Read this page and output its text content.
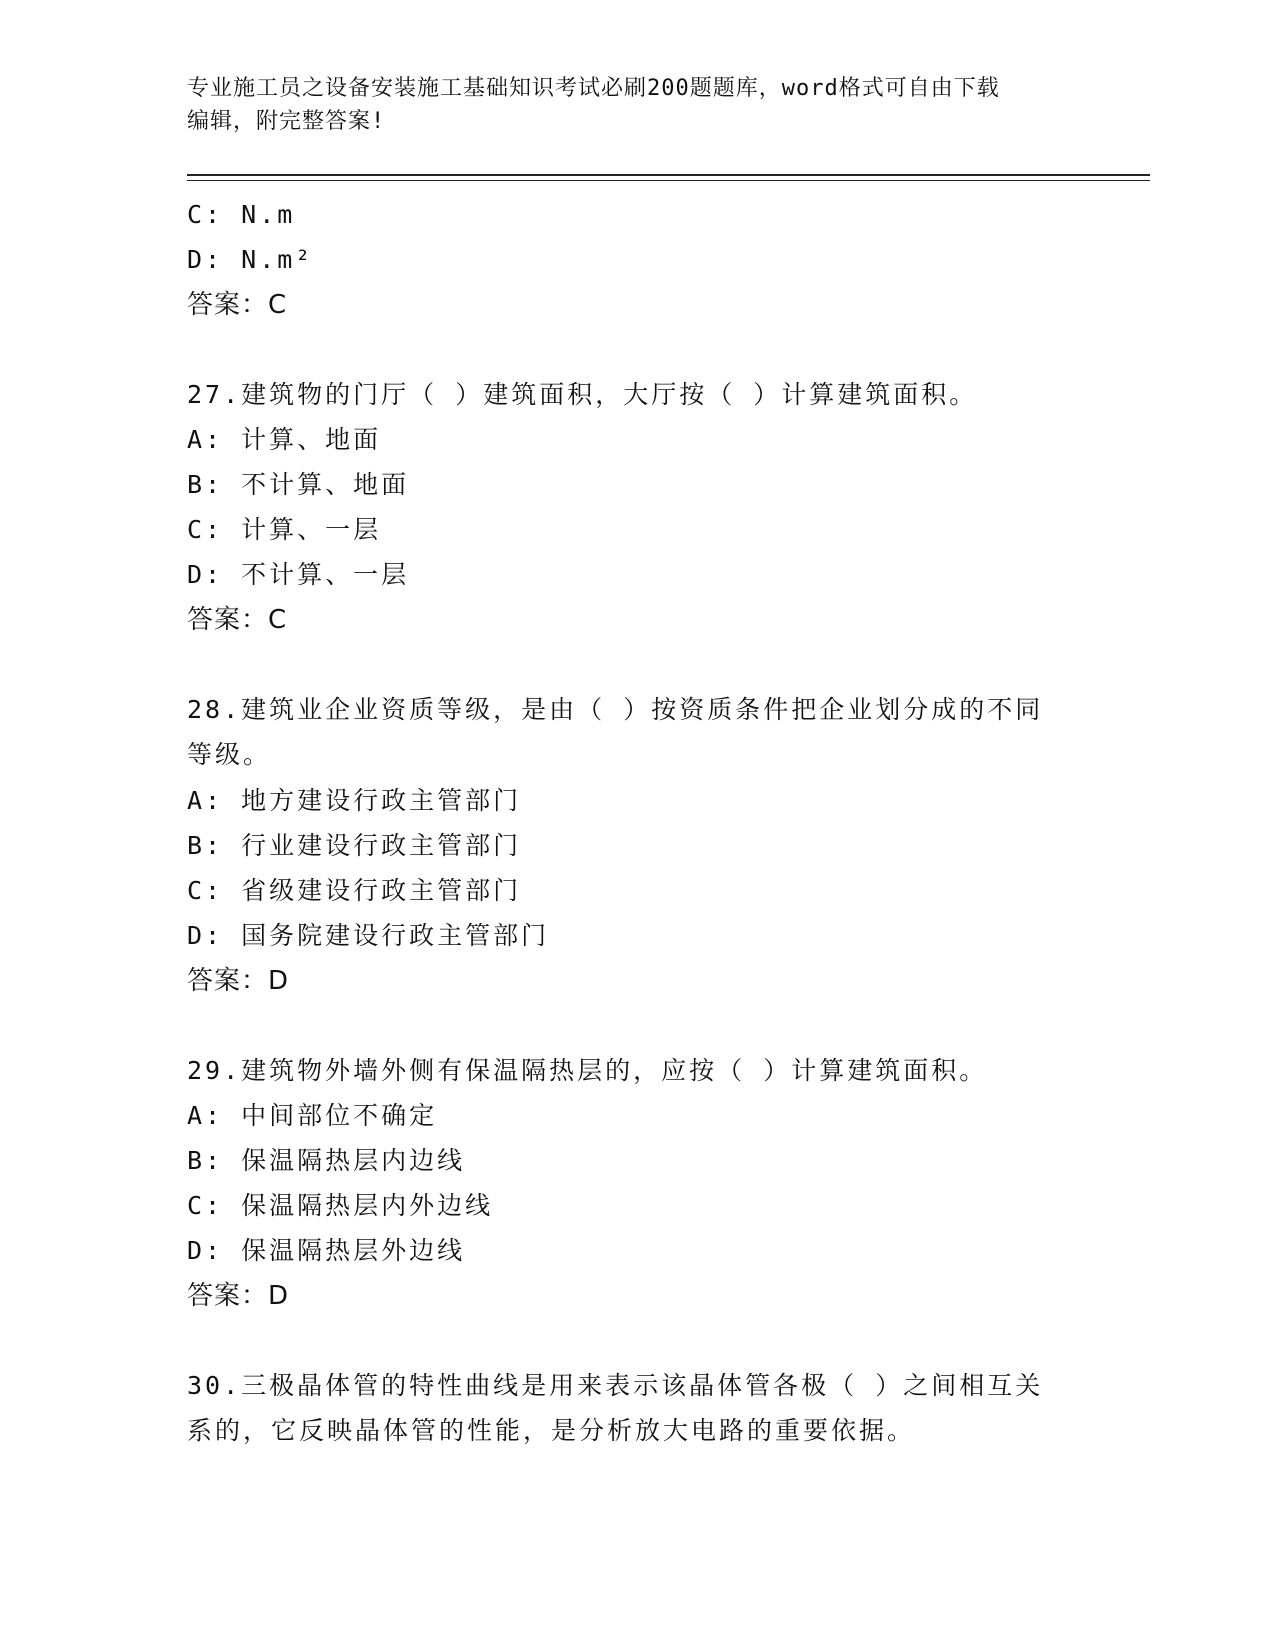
专业施工员之设备安装施工基础知识考试必刷200题题库，word格式可自由下载
编辑，附完整答案!
C: N.m
D: N.m²
答案：C
27.建筑物的门厅（ ）建筑面积，大厅按（ ）计算建筑面积。
A: 计算、地面
B: 不计算、地面
C: 计算、一层
D: 不计算、一层
答案：C
28.建筑业企业资质等级，是由（ ）按资质条件把企业划分成的不同
等级。
A: 地方建设行政主管部门
B: 行业建设行政主管部门
C: 省级建设行政主管部门
D: 国务院建设行政主管部门
答案：D
29.建筑物外墙外侧有保温隔热层的，应按（ ）计算建筑面积。
A: 中间部位不确定
B: 保温隔热层内边线
C: 保温隔热层内外边线
D: 保温隔热层外边线
答案：D
30.三极晶体管的特性曲线是用来表示该晶体管各极（ ）之间相互关
系的，它反映晶体管的性能，是分析放大电路的重要依据。
